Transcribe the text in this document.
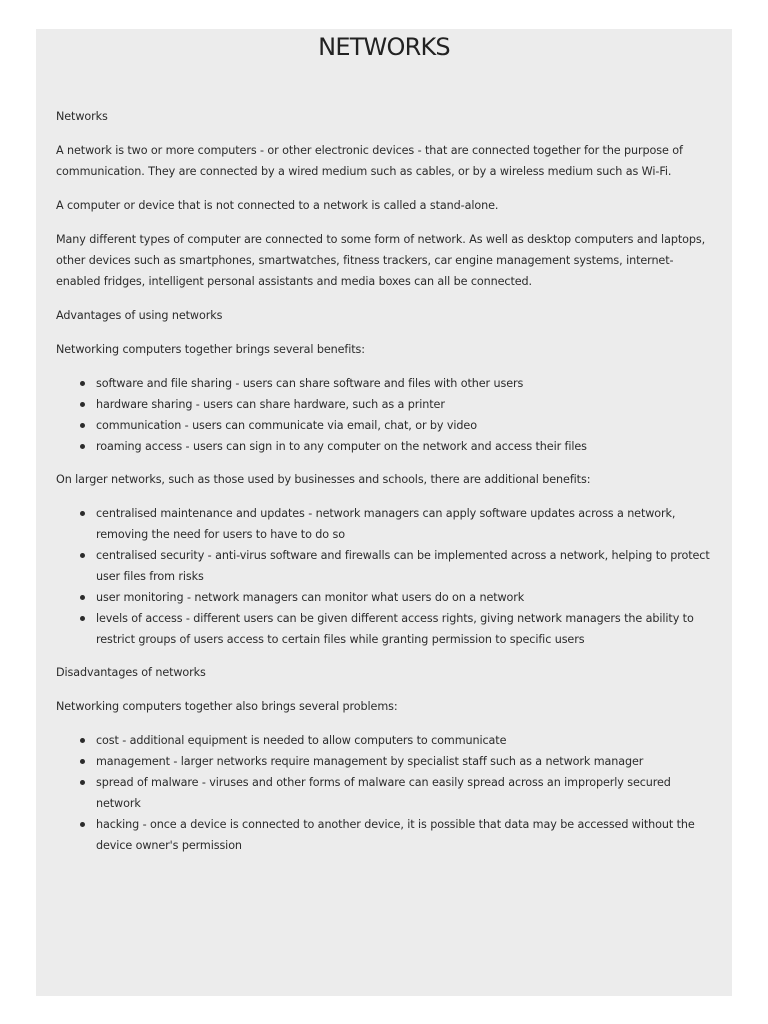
NETWORKS

Networks

A network is two or more computers - or other electronic devices - that are connected together for the purpose of communication. They are connected by a wired medium such as cables, or by a wireless medium such as Wi-Fi.

A computer or device that is not connected to a network is called a stand-alone.

Many different types of computer are connected to some form of network. As well as desktop computers and laptops, other devices such as smartphones, smartwatches, fitness trackers, car engine management systems, internet-enabled fridges, intelligent personal assistants and media boxes can all be connected.

Advantages of using networks

Networking computers together brings several benefits:

software and file sharing - users can share software and files with other users
hardware sharing - users can share hardware, such as a printer
communication - users can communicate via email, chat, or by video
roaming access - users can sign in to any computer on the network and access their files

On larger networks, such as those used by businesses and schools, there are additional benefits:

centralised maintenance and updates - network managers can apply software updates across a network, removing the need for users to have to do so
centralised security - anti-virus software and firewalls can be implemented across a network, helping to protect user files from risks
user monitoring - network managers can monitor what users do on a network
levels of access - different users can be given different access rights, giving network managers the ability to restrict groups of users access to certain files while granting permission to specific users

Disadvantages of networks

Networking computers together also brings several problems:

cost - additional equipment is needed to allow computers to communicate
management - larger networks require management by specialist staff such as a network manager
spread of malware - viruses and other forms of malware can easily spread across an improperly secured network
hacking - once a device is connected to another device, it is possible that data may be accessed without the device owner's permission
